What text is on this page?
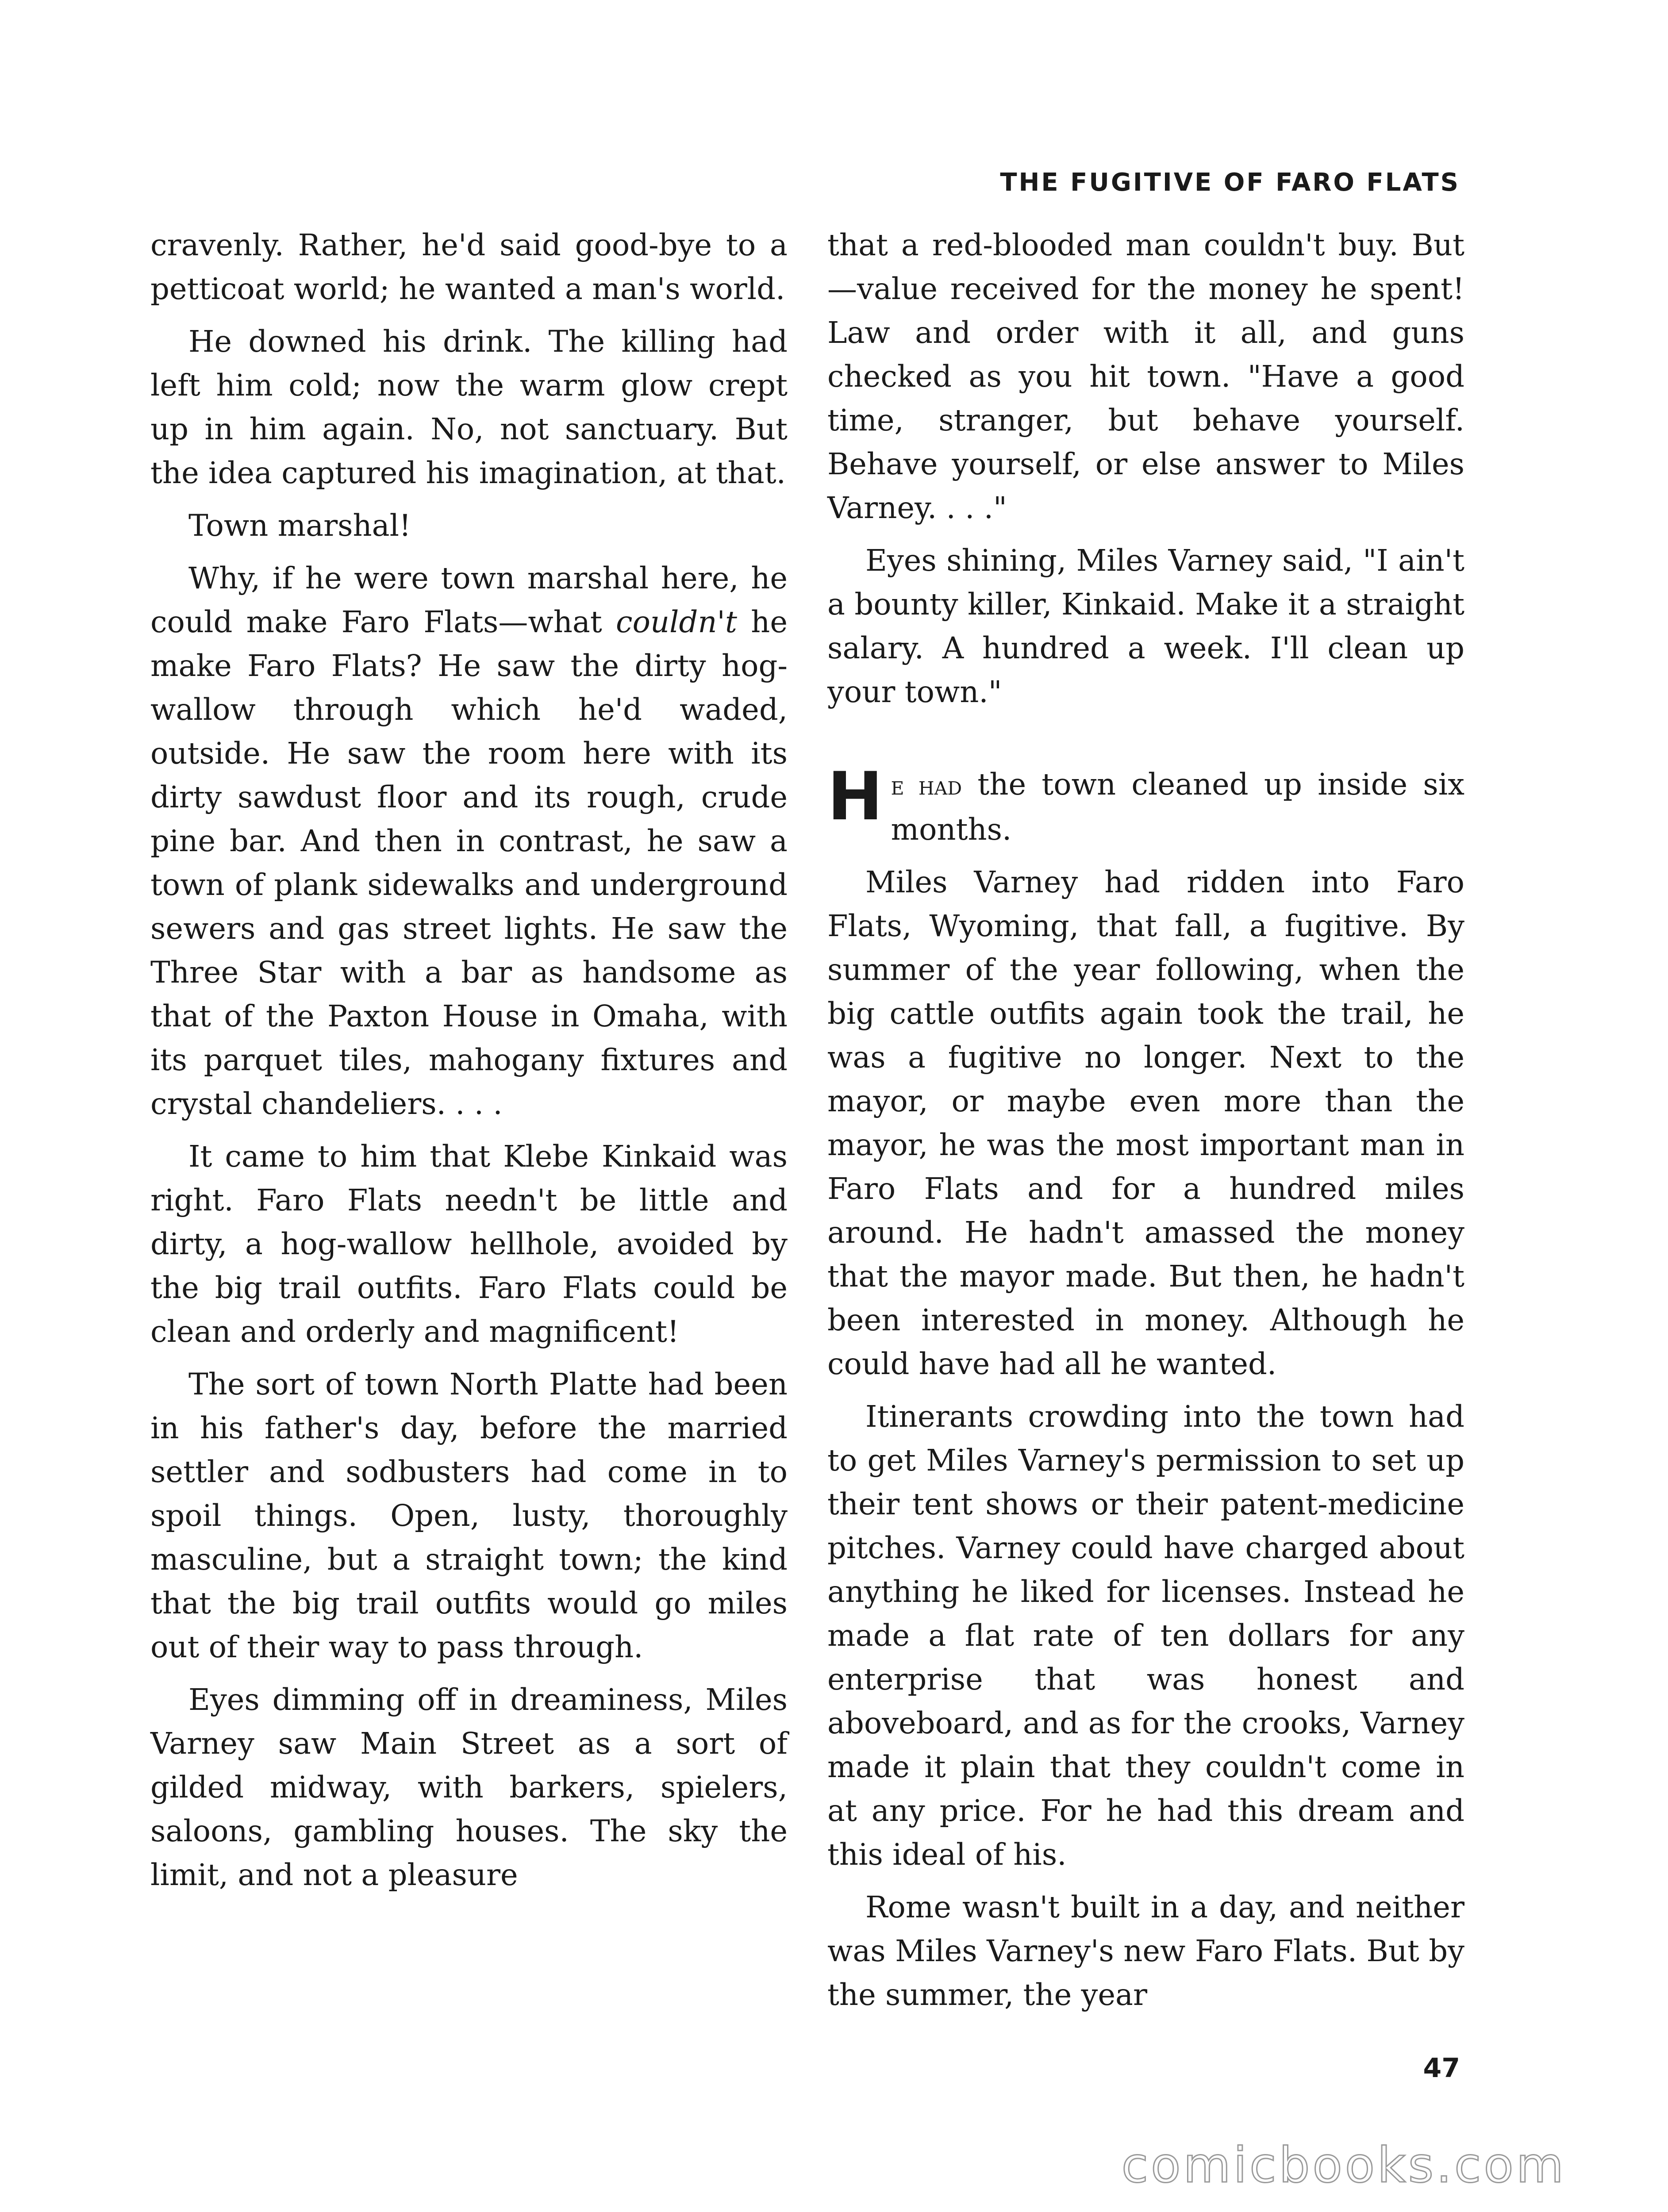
THE FUGITIVE OF FARO FLATS

cravenly. Rather, he'd said good-bye to a petticoat world; he wanted a man's world.

He downed his drink. The killing had left him cold; now the warm glow crept up in him again. No, not sanctuary. But the idea captured his imagination, at that.

Town marshal!

Why, if he were town marshal here, he could make Faro Flats—what couldn't he make Faro Flats? He saw the dirty hog-wallow through which he'd waded, outside. He saw the room here with its dirty sawdust floor and its rough, crude pine bar. And then in contrast, he saw a town of plank sidewalks and underground sewers and gas street lights. He saw the Three Star with a bar as handsome as that of the Paxton House in Omaha, with its parquet tiles, mahogany fixtures and crystal chandeliers. . . .

It came to him that Klebe Kinkaid was right. Faro Flats needn't be little and dirty, a hog-wallow hellhole, avoided by the big trail outfits. Faro Flats could be clean and orderly and magnificent!

The sort of town North Platte had been in his father's day, before the married settler and sodbusters had come in to spoil things. Open, lusty, thoroughly masculine, but a straight town; the kind that the big trail outfits would go miles out of their way to pass through.

Eyes dimming off in dreaminess, Miles Varney saw Main Street as a sort of gilded midway, with barkers, spielers, saloons, gambling houses. The sky the limit, and not a pleasure

that a red-blooded man couldn't buy. But—value received for the money he spent! Law and order with it all, and guns checked as you hit town. "Have a good time, stranger, but behave yourself. Behave yourself, or else answer to Miles Varney. . . ."

Eyes shining, Miles Varney said, "I ain't a bounty killer, Kinkaid. Make it a straight salary. A hundred a week. I'll clean up your town."

He had the town cleaned up inside six months.

Miles Varney had ridden into Faro Flats, Wyoming, that fall, a fugitive. By summer of the year following, when the big cattle outfits again took the trail, he was a fugitive no longer. Next to the mayor, or maybe even more than the mayor, he was the most important man in Faro Flats and for a hundred miles around. He hadn't amassed the money that the mayor made. But then, he hadn't been interested in money. Although he could have had all he wanted.

Itinerants crowding into the town had to get Miles Varney's permission to set up their tent shows or their patent-medicine pitches. Varney could have charged about anything he liked for licenses. Instead he made a flat rate of ten dollars for any enterprise that was honest and aboveboard, and as for the crooks, Varney made it plain that they couldn't come in at any price. For he had this dream and this ideal of his.

Rome wasn't built in a day, and neither was Miles Varney's new Faro Flats. But by the summer, the year

47
comicbooks.com
